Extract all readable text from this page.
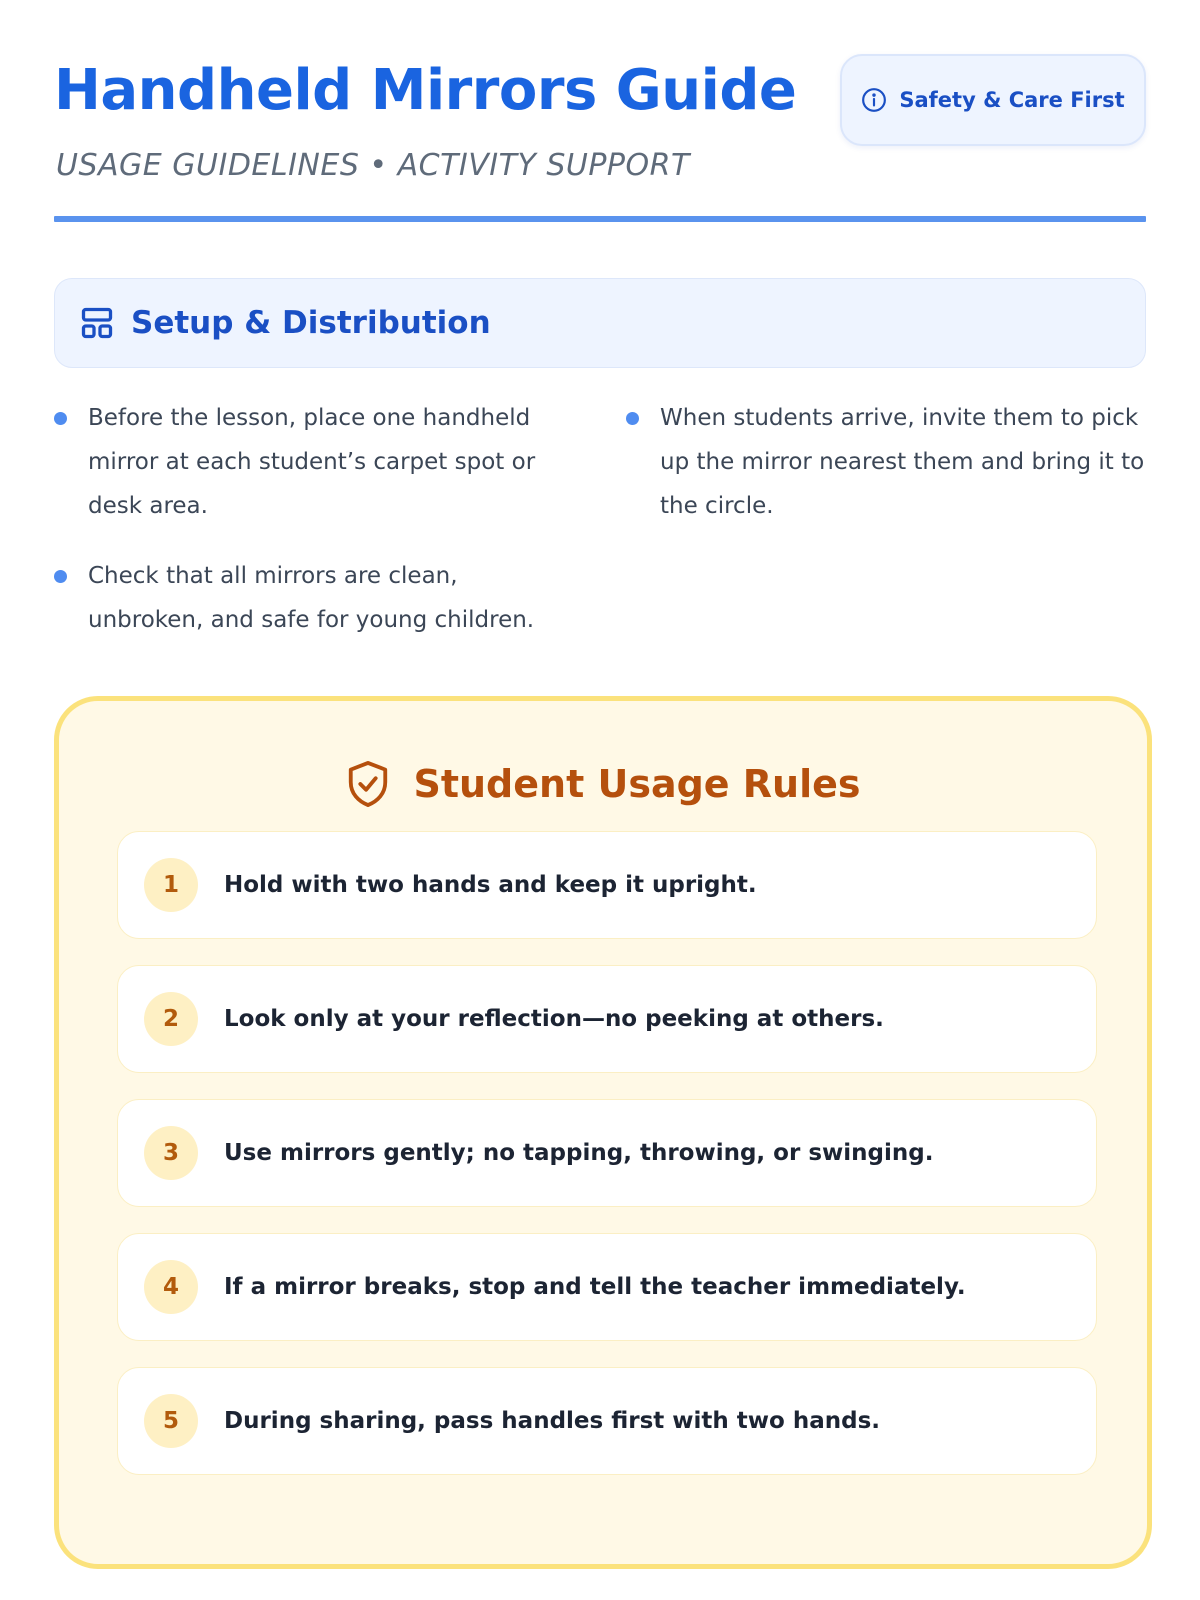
Handheld Mirrors Guide
USAGE GUIDELINES • ACTIVITY SUPPORT
Safety & Care First
Setup & Distribution
Before the lesson, place one handheld mirror at each student’s carpet spot or desk area.
When students arrive, invite them to pick up the mirror nearest them and bring it to the circle.
Check that all mirrors are clean, unbroken, and safe for young children.
Student Usage Rules
1	Hold with two hands and keep it upright.
2	Look only at your reflection—no peeking at others.
3	Use mirrors gently; no tapping, throwing, or swinging.
4	If a mirror breaks, stop and tell the teacher immediately.
5	During sharing, pass handles first with two hands.
